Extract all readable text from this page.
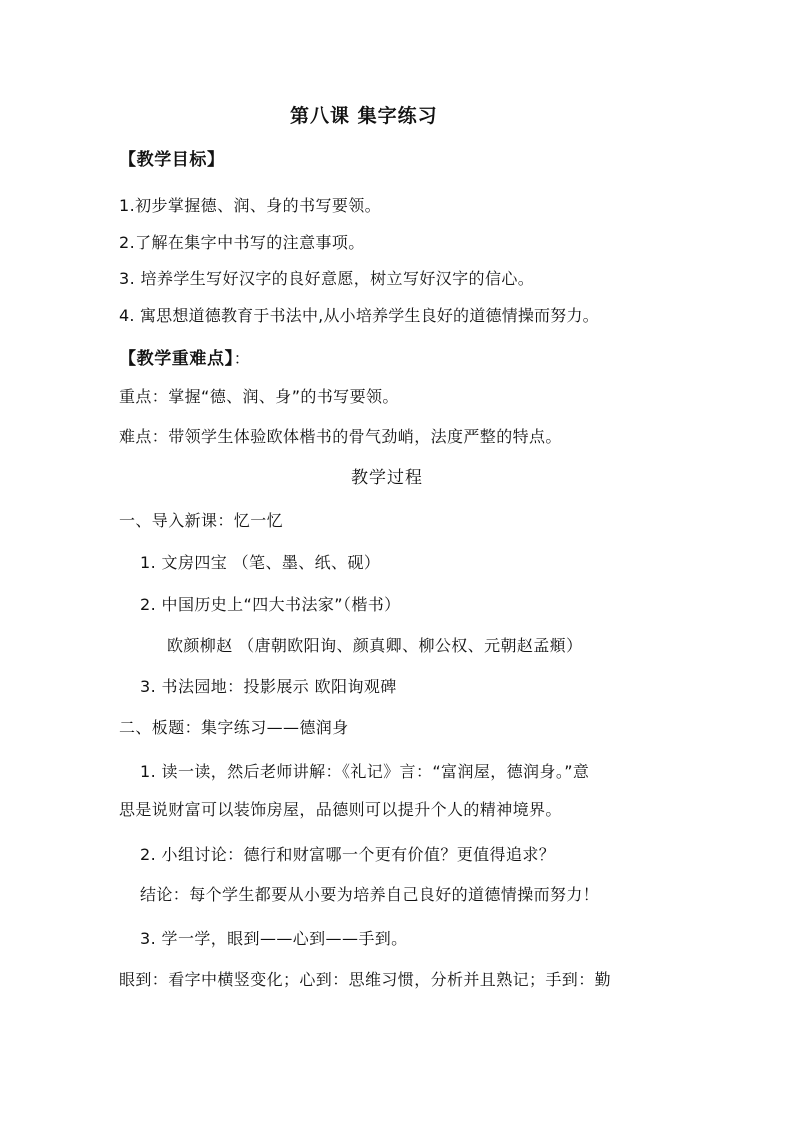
第八课 集字练习
【教学目标】
1.初步掌握德、润、身的书写要领。
2.了解在集字中书写的注意事项。
3. 培养学生写好汉字的良好意愿，树立写好汉字的信心。
4. 寓思想道德教育于书法中,从小培养学生良好的道德情操而努力。
【教学重难点】：
重点：掌握“德、润、身”的书写要领。
难点：带领学生体验欧体楷书的骨气劲峭，法度严整的特点。
教学过程
一、导入新课：忆一忆
1. 文房四宝 （笔、墨、纸、砚）
2. 中国历史上“四大书法家”（楷书）
欧颜柳赵 （唐朝欧阳询、颜真卿、柳公权、元朝赵孟頫）
3. 书法园地：投影展示 欧阳询观碑
二、板题：集字练习——德润身
1. 读一读，然后老师讲解：《礼记》言：“富润屋，德润身。”意
思是说财富可以装饰房屋，品德则可以提升个人的精神境界。
2. 小组讨论：德行和财富哪一个更有价值？更值得追求？
结论：每个学生都要从小要为培养自己良好的道德情操而努力！
3. 学一学，眼到——心到——手到。
眼到：看字中横竖变化；心到：思维习惯，分析并且熟记；手到：勤
